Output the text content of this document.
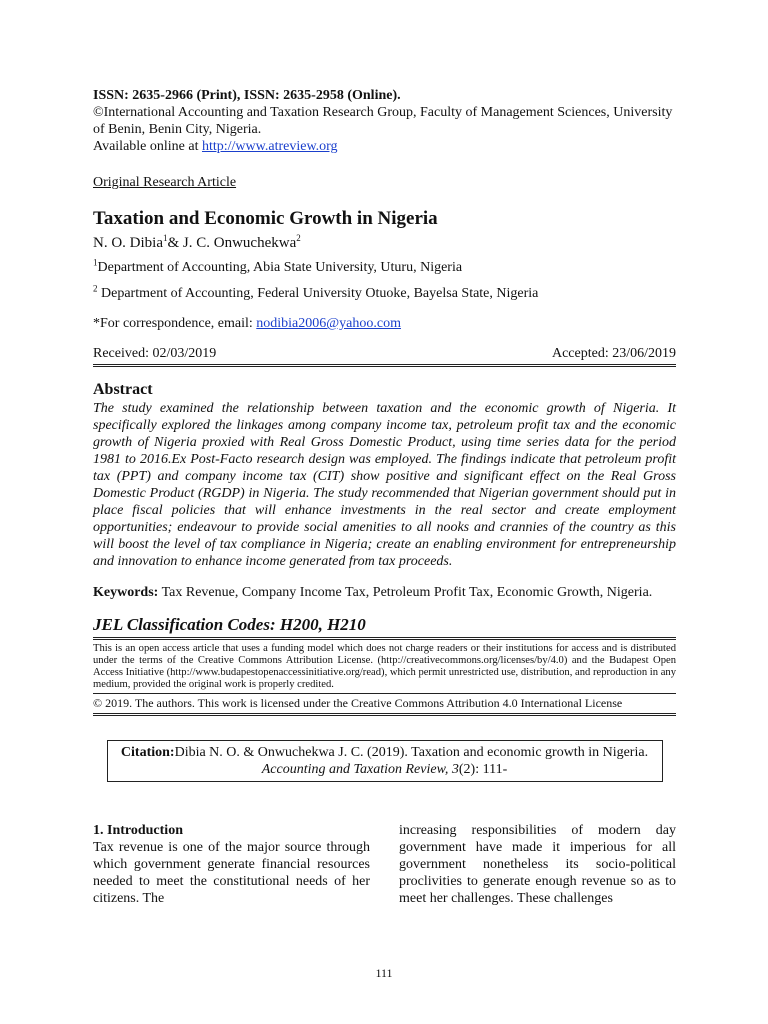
ISSN: 2635-2966 (Print), ISSN: 2635-2958 (Online).
©International Accounting and Taxation Research Group, Faculty of Management Sciences, University of Benin, Benin City, Nigeria.
Available online at http://www.atreview.org
Original Research Article
Taxation and Economic Growth in Nigeria
N. O. Dibia$^1$& J. C. Onwuchekwa$^2$
$^1$Department of Accounting, Abia State University, Uturu, Nigeria
$^2$ Department of Accounting, Federal University Otuoke, Bayelsa State, Nigeria
*For correspondence, email: nodibia2006@yahoo.com
Received: 02/03/2019	Accepted: 23/06/2019
Abstract
The study examined the relationship between taxation and the economic growth of Nigeria. It specifically explored the linkages among company income tax, petroleum profit tax and the economic growth of Nigeria proxied with Real Gross Domestic Product, using time series data for the period 1981 to 2016.Ex Post-Facto research design was employed. The findings indicate that petroleum profit tax (PPT) and company income tax (CIT) show positive and significant effect on the Real Gross Domestic Product (RGDP) in Nigeria. The study recommended that Nigerian government should put in place fiscal policies that will enhance investments in the real sector and create employment opportunities; endeavour to provide social amenities to all nooks and crannies of the country as this will boost the level of tax compliance in Nigeria; create an enabling environment for entrepreneurship and innovation to enhance income generated from tax proceeds.
Keywords: Tax Revenue, Company Income Tax, Petroleum Profit Tax, Economic Growth, Nigeria.
JEL Classification Codes: H200, H210
This is an open access article that uses a funding model which does not charge readers or their institutions for access and is distributed under the terms of the Creative Commons Attribution License. (http://creativecommons.org/licenses/by/4.0) and the Budapest Open Access Initiative (http://www.budapestopenaccessinitiative.org/read), which permit unrestricted use, distribution, and reproduction in any medium, provided the original work is properly credited.
© 2019. The authors. This work is licensed under the Creative Commons Attribution 4.0 International License
Citation:Dibia N. O. & Onwuchekwa J. C. (2019). Taxation and economic growth in Nigeria. Accounting and Taxation Review, 3(2): 111-
1. Introduction
Tax revenue is one of the major source through which government generate financial resources needed to meet the constitutional needs of her citizens. The
increasing responsibilities of modern day government have made it imperious for all government nonetheless its socio-political proclivities to generate enough revenue so as to meet her challenges. These challenges
111
